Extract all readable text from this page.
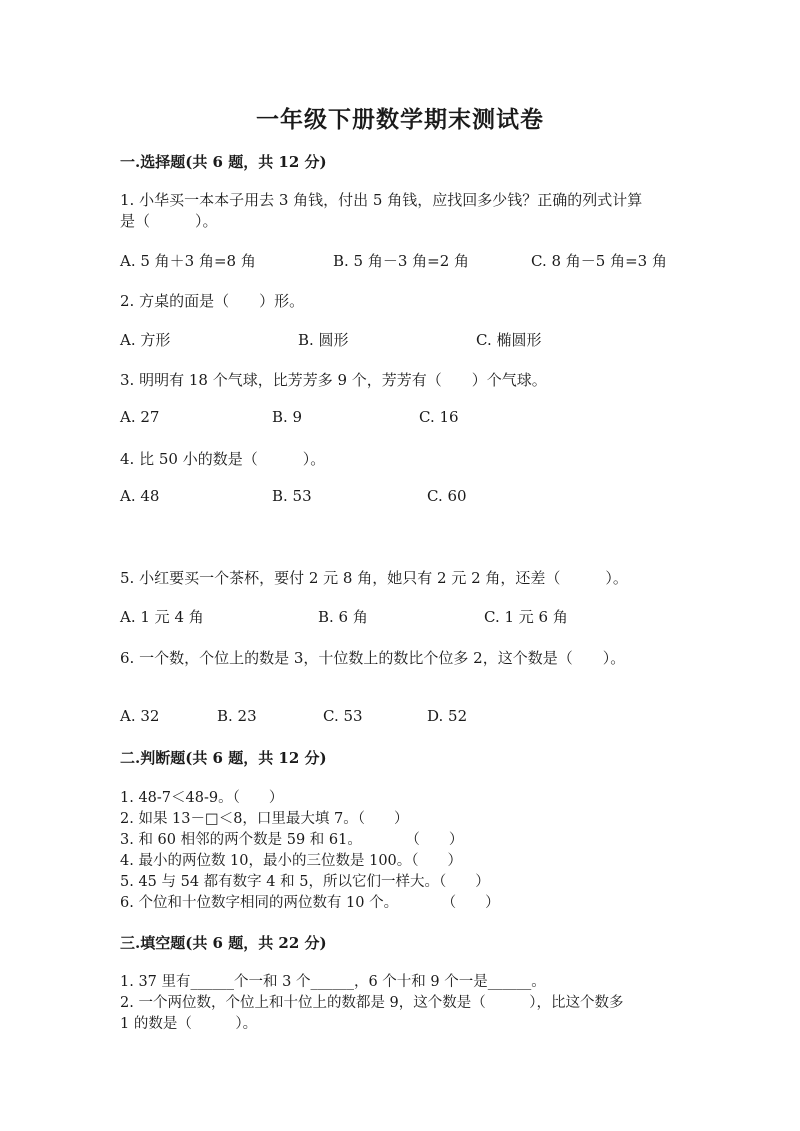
一年级下册数学期末测试卷
一.选择题(共 6 题，共 12 分)
1. 小华买一本本子用去 3 角钱，付出 5 角钱，应找回多少钱？正确的列式计算
是（　　　）。
A. 5 角＋3 角=8 角	B. 5 角－3 角=2 角	C. 8 角－5 角=3 角
2. 方桌的面是（　　）形。
A. 方形	B. 圆形	C. 椭圆形
3. 明明有 18 个气球，比芳芳多 9 个，芳芳有（　　）个气球。
A. 27	B. 9	C. 16
4. 比 50 小的数是（　　　）。
A. 48	B. 53	C. 60
5. 小红要买一个茶杯，要付 2 元 8 角，她只有 2 元 2 角，还差（　　　）。
A. 1 元 4 角	B. 6 角	C. 1 元 6 角
6. 一个数，个位上的数是 3，十位数上的数比个位多 2，这个数是（　　）。
A. 32	B. 23	C. 53	D. 52
二.判断题(共 6 题，共 12 分)
1. 48-7＜48-9。（　　）
2. 如果 13－□＜8，口里最大填 7。（　　）
3. 和 60 相邻的两个数是 59 和 61。　　　　（　　）
4. 最小的两位数 10，最小的三位数是 100。（　　）
5. 45 与 54 都有数字 4 和 5，所以它们一样大。（　　）
6. 个位和十位数字相同的两位数有 10 个。　　　　（　　）
三.填空题(共 6 题，共 22 分)
1. 37 里有______个一和 3 个______，6 个十和 9 个一是______。
2. 一个两位数，个位上和十位上的数都是 9，这个数是（　　　），比这个数多
1 的数是（　　　）。
